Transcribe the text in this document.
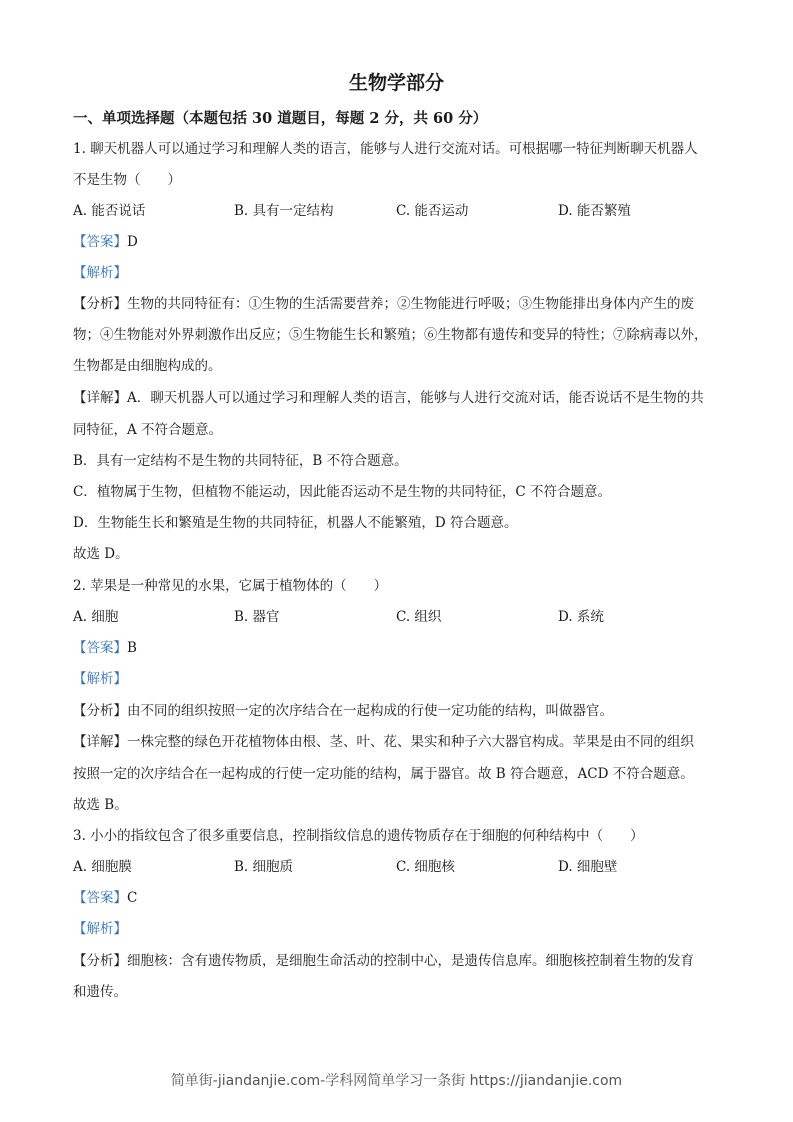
生物学部分
一、单项选择题（本题包括 30 道题目，每题 2 分，共 60 分）
1. 聊天机器人可以通过学习和理解人类的语言，能够与人进行交流对话。可根据哪一特征判断聊天机器人
不是生物（　　）
A. 能否说话	B. 具有一定结构	C. 能否运动	D. 能否繁殖
【答案】D
【解析】
【分析】生物的共同特征有：①生物的生活需要营养；②生物能进行呼吸；③生物能排出身体内产生的废
物；④生物能对外界刺激作出反应；⑤生物能生长和繁殖；⑥生物都有遗传和变异的特性；⑦除病毒以外，
生物都是由细胞构成的。
【详解】A．聊天机器人可以通过学习和理解人类的语言，能够与人进行交流对话，能否说话不是生物的共
同特征，A 不符合题意。
B．具有一定结构不是生物的共同特征，B 不符合题意。
C．植物属于生物，但植物不能运动，因此能否运动不是生物的共同特征，C 不符合题意。
D．生物能生长和繁殖是生物的共同特征，机器人不能繁殖，D 符合题意。
故选 D。
2. 苹果是一种常见的水果，它属于植物体的（　　）
A. 细胞	B. 器官	C. 组织	D. 系统
【答案】B
【解析】
【分析】由不同的组织按照一定的次序结合在一起构成的行使一定功能的结构，叫做器官。
【详解】一株完整的绿色开花植物体由根、茎、叶、花、果实和种子六大器官构成。苹果是由不同的组织
按照一定的次序结合在一起构成的行使一定功能的结构，属于器官。故 B 符合题意，ACD 不符合题意。
故选 B。
3. 小小的指纹包含了很多重要信息，控制指纹信息的遗传物质存在于细胞的何种结构中（　　）
A. 细胞膜	B. 细胞质	C. 细胞核	D. 细胞壁
【答案】C
【解析】
【分析】细胞核：含有遗传物质，是细胞生命活动的控制中心，是遗传信息库。细胞核控制着生物的发育
和遗传。
简单街-jiandanjie.com-学科网简单学习一条街 https://jiandanjie.com
